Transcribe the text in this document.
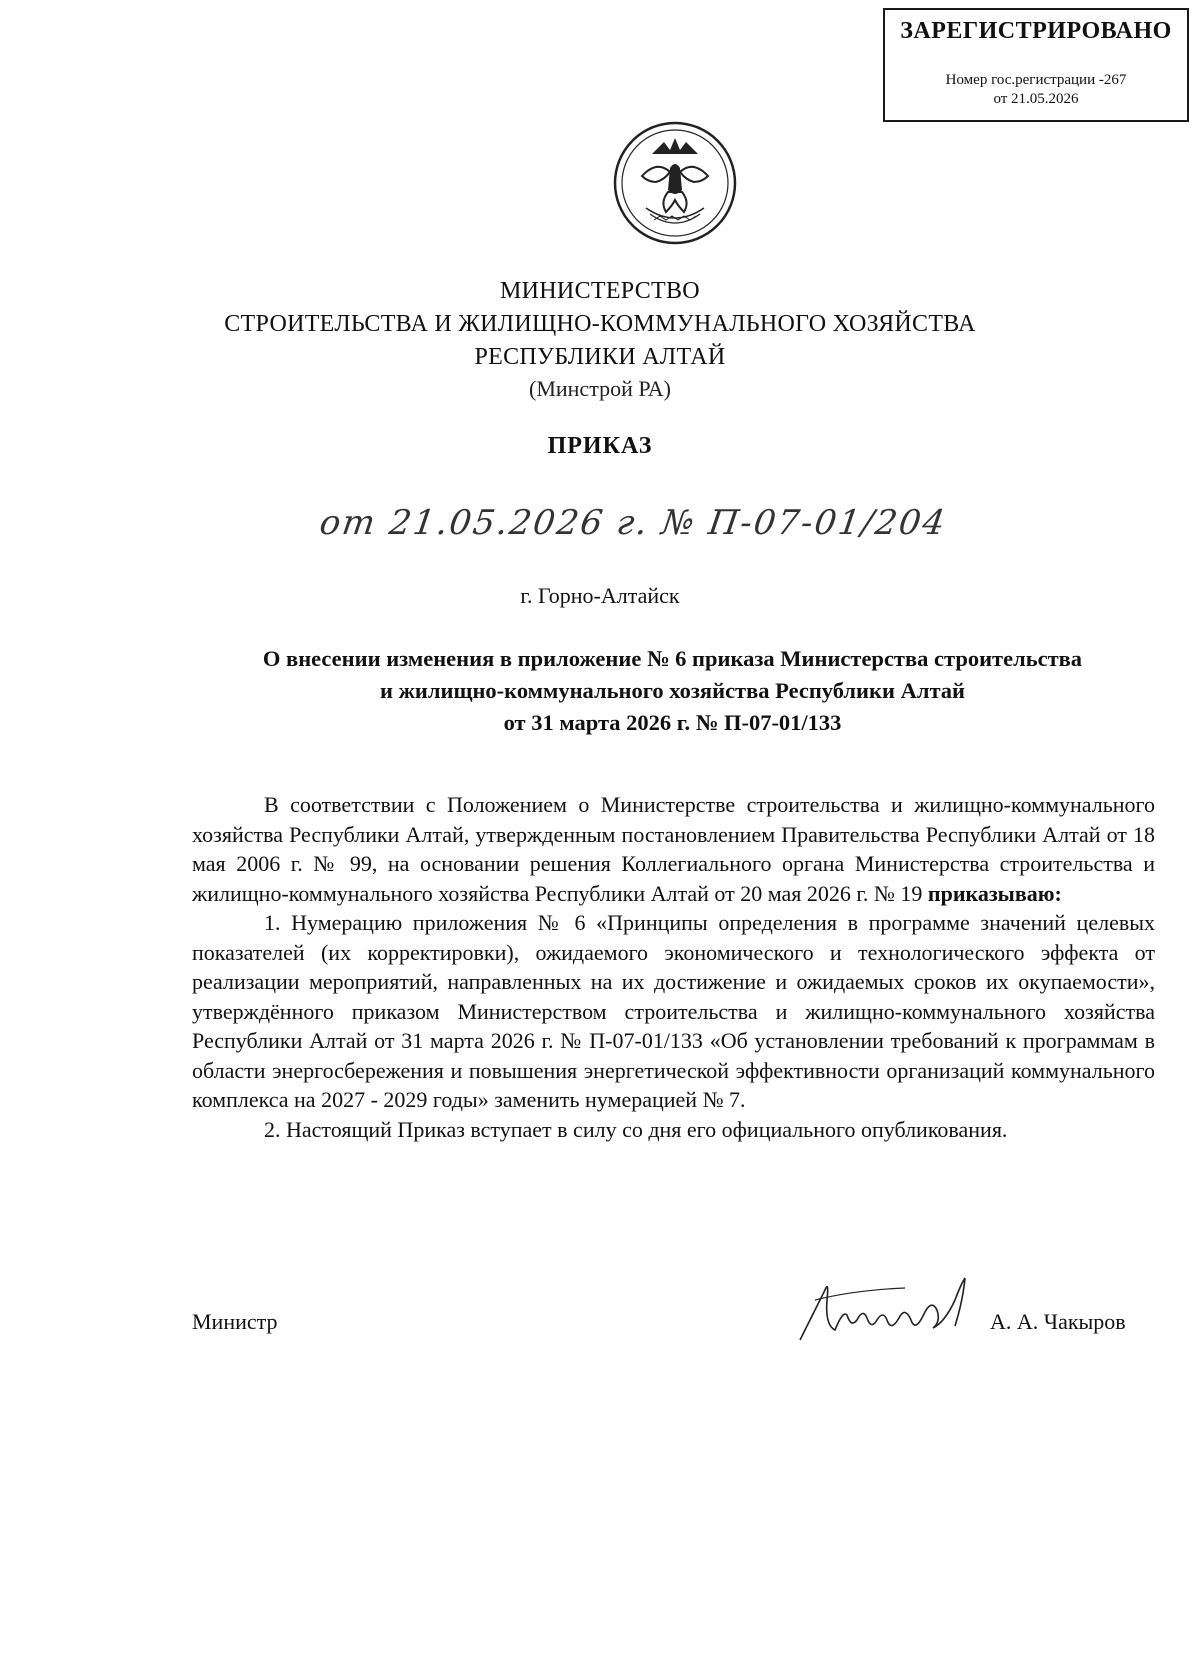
ЗАРЕГИСТРИРОВАНО
Номер гос.регистрации -267
от 21.05.2026
МИНИСТЕРСТВО
СТРОИТЕЛЬСТВА И ЖИЛИЩНО-КОММУНАЛЬНОГО ХОЗЯЙСТВА
РЕСПУБЛИКИ АЛТАЙ
(Минстрой РА)
ПРИКАЗ
от 21.05.2026 г. № П-07-01/204
г. Горно-Алтайск
О внесении изменения в приложение № 6 приказа Министерства строительства
и жилищно-коммунального хозяйства Республики Алтай
от 31 марта 2026 г. № П-07-01/133

В соответствии с Положением о Министерстве строительства и жилищно-коммунального хозяйства Республики Алтай, утвержденным постановлением Правительства Республики Алтай от 18 мая 2006 г. № 99, на основании решения Коллегиального органа Министерства строительства и жилищно-коммунального хозяйства Республики Алтай от 20 мая 2026 г. № 19 приказываю:

1. Нумерацию приложения № 6 «Принципы определения в программе значений целевых показателей (их корректировки), ожидаемого экономического и технологического эффекта от реализации мероприятий, направленных на их достижение и ожидаемых сроков их окупаемости», утверждённого приказом Министерством строительства и жилищно-коммунального хозяйства Республики Алтай от 31 марта 2026 г. № П-07-01/133 «Об установлении требований к программам в области энергосбережения и повышения энергетической эффективности организаций коммунального комплекса на 2027 - 2029 годы» заменить нумерацией № 7.

2. Настоящий Приказ вступает в силу со дня его официального опубликования.

Министр	А. А. Чакыров
